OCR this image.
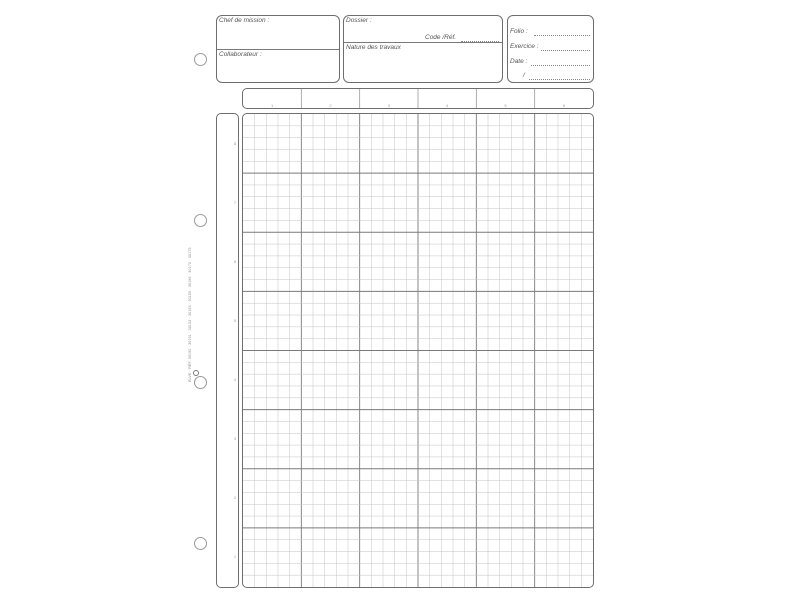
Chef de mission :
Collaborateur :
Dossier :
Code /Réf.
Nature des travaux
Folio :
Exercice :
Date :
/
1	2	3	4	5	6
8
7
6
5
4
3
2
1
ELVE · RÉF. 30150 · 30151 · 30152 · 30153 · 30155 · 30156 · 30170 · 30175
